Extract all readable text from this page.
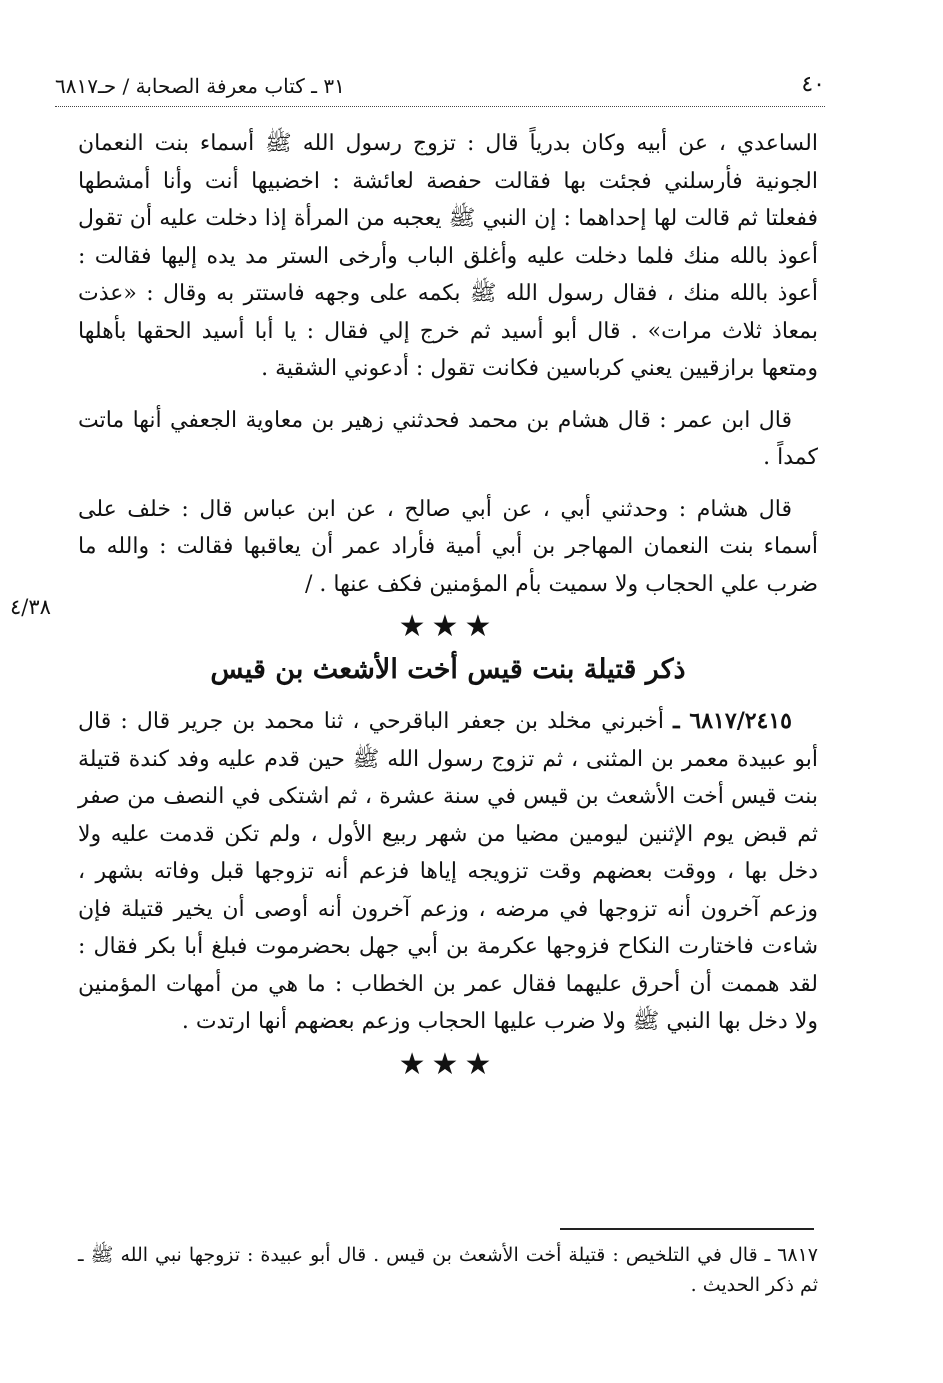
٤٠
٣١ ـ كتاب معرفة الصحابة / حـ٦٨١٧
٤/٣٨

الساعدي ، عن أبيه وكان بدرياً قال : تزوج رسول الله ﷺ أسماء بنت النعمان الجونية فأرسلني فجئت بها فقالت حفصة لعائشة : اخضبيها أنت وأنا أمشطها ففعلتا ثم قالت لها إحداهما : إن النبي ﷺ يعجبه من المرأة إذا دخلت عليه أن تقول أعوذ بالله منك فلما دخلت عليه وأغلق الباب وأرخى الستر مد يده إليها فقالت : أعوذ بالله منك ، فقال رسول الله ﷺ بكمه على وجهه فاستتر به وقال : «عذت بمعاذ ثلاث مرات» . قال أبو أسيد ثم خرج إلي فقال : يا أبا أسيد الحقها بأهلها ومتعها برازقيين يعني كرباسين فكانت تقول : أدعوني الشقية .

قال ابن عمر : قال هشام بن محمد فحدثني زهير بن معاوية الجعفي أنها ماتت كمداً .

قال هشام : وحدثني أبي ، عن أبي صالح ، عن ابن عباس قال : خلف على أسماء بنت النعمان المهاجر بن أبي أمية فأراد عمر أن يعاقبها فقالت : والله ما ضرب علي الحجاب ولا سميت بأم المؤمنين فكف عنها . /

★★★
ذكر قتيلة بنت قيس أخت الأشعث بن قيس

٦٨١٧/٢٤١٥ ـ أخبرني مخلد بن جعفر الباقرحي ، ثنا محمد بن جرير قال : قال أبو عبيدة معمر بن المثنى ، ثم تزوج رسول الله ﷺ حين قدم عليه وفد كندة قتيلة بنت قيس أخت الأشعث بن قيس في سنة عشرة ، ثم اشتكى في النصف من صفر ثم قبض يوم الإثنين ليومين مضيا من شهر ربيع الأول ، ولم تكن قدمت عليه ولا دخل بها ، ووقت بعضهم وقت تزويجه إياها فزعم أنه تزوجها قبل وفاته بشهر ، وزعم آخرون أنه تزوجها في مرضه ، وزعم آخرون أنه أوصى أن يخير قتيلة فإن شاءت فاختارت النكاح فزوجها عكرمة بن أبي جهل بحضرموت فبلغ أبا بكر فقال : لقد هممت أن أحرق عليهما فقال عمر بن الخطاب : ما هي من أمهات المؤمنين ولا دخل بها النبي ﷺ ولا ضرب عليها الحجاب وزعم بعضهم أنها ارتدت .

★★★

٦٨١٧ ـ قال في التلخيص : قتيلة أخت الأشعث بن قيس . قال أبو عبيدة : تزوجها نبي الله ﷺ ـ ثم ذكر الحديث .
